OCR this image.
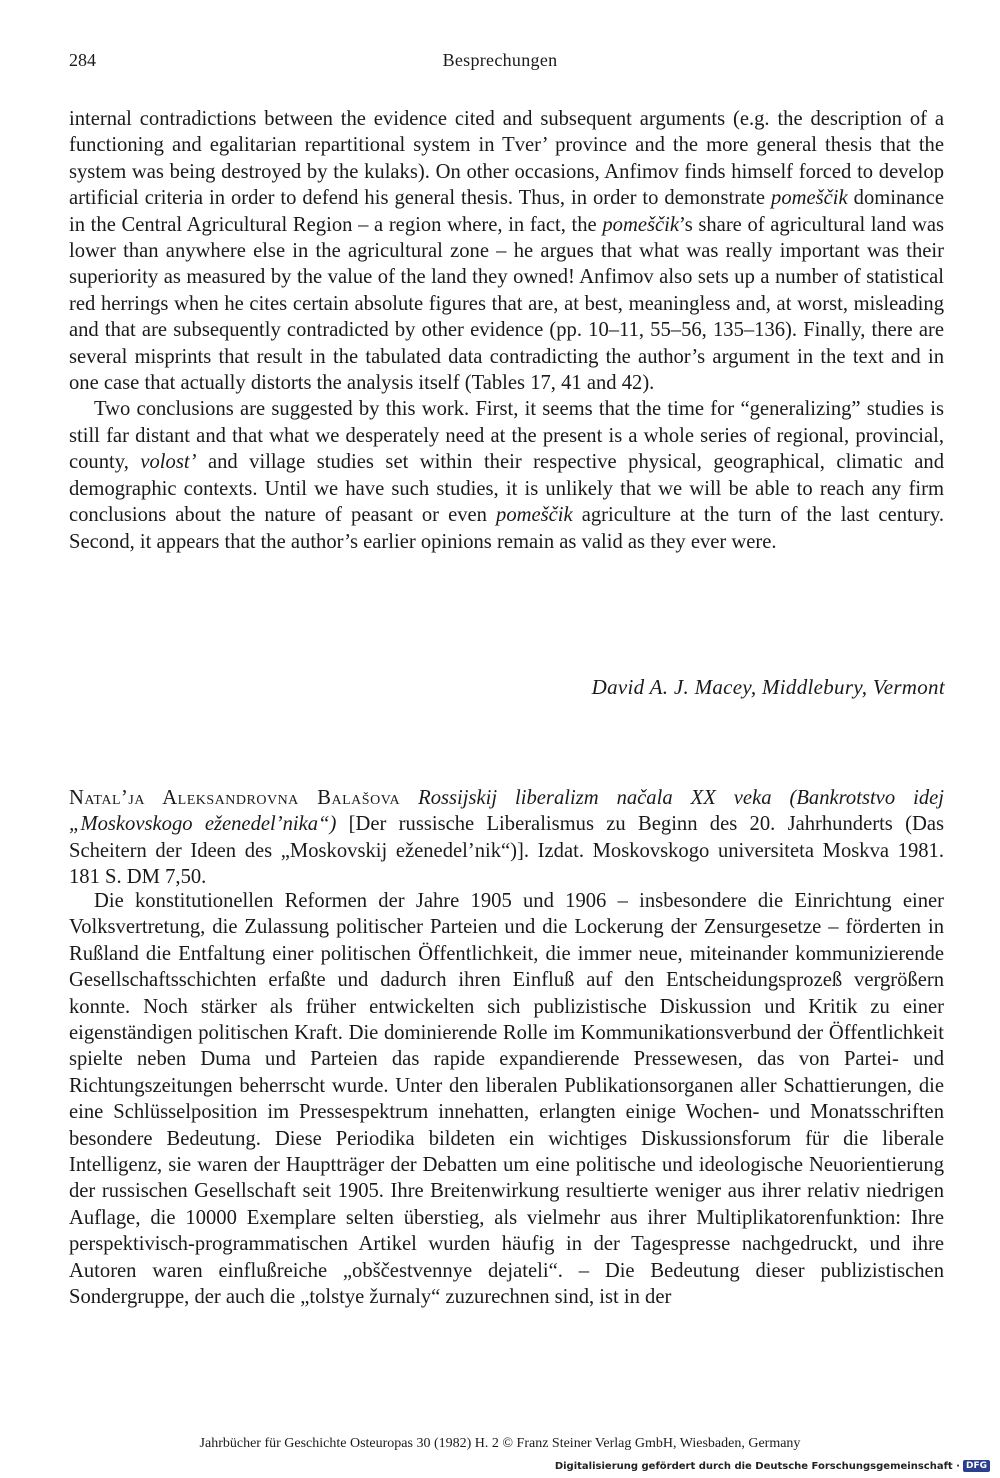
284	Besprechungen

internal contradictions between the evidence cited and subsequent arguments (e.g. the description of a functioning and egalitarian repartitional system in Tver’ province and the more general thesis that the system was being destroyed by the kulaks). On other occasions, Anfimov finds himself forced to develop artificial criteria in order to defend his general thesis. Thus, in order to demonstrate pomeščik dominance in the Central Agricultural Region – a region where, in fact, the pomeščik’s share of agricultural land was lower than anywhere else in the agricultural zone – he argues that what was really important was their superiority as measured by the value of the land they owned! Anfimov also sets up a number of statistical red herrings when he cites certain absolute figures that are, at best, meaningless and, at worst, misleading and that are subsequently contradicted by other evidence (pp. 10–11, 55–56, 135–136). Finally, there are several misprints that result in the tabulated data contradicting the author’s argument in the text and in one case that actually distorts the analysis itself (Tables 17, 41 and 42).

Two conclusions are suggested by this work. First, it seems that the time for “generalizing” studies is still far distant and that what we desperately need at the present is a whole series of regional, provincial, county, volost’ and village studies set within their respective physical, geographical, climatic and demographic contexts. Until we have such studies, it is unlikely that we will be able to reach any firm conclusions about the nature of peasant or even pomeščik agriculture at the turn of the last century. Second, it appears that the author’s earlier opinions remain as valid as they ever were.

David A. J. Macey, Middlebury, Vermont
Natal’ja Aleksandrovna Balašova Rossijskij liberalizm načala XX veka (Bankrotstvo idej „Moskovskogo eženedel’nika“) [Der russische Liberalismus zu Beginn des 20. Jahrhunderts (Das Scheitern der Ideen des „Moskovskij eženedel’nik“)]. Izdat. Moskovskogo universiteta Moskva 1981. 181 S. DM 7,50.

Die konstitutionellen Reformen der Jahre 1905 und 1906 – insbesondere die Einrichtung einer Volksvertretung, die Zulassung politischer Parteien und die Lockerung der Zensurgesetze – förderten in Rußland die Entfaltung einer politischen Öffentlichkeit, die immer neue, miteinander kommunizierende Gesellschaftsschichten erfaßte und dadurch ihren Einfluß auf den Entscheidungsprozeß vergrößern konnte. Noch stärker als früher entwickelten sich publizistische Diskussion und Kritik zu einer eigenständigen politischen Kraft. Die dominierende Rolle im Kommunikationsverbund der Öffentlichkeit spielte neben Duma und Parteien das rapide expandierende Pressewesen, das von Partei- und Richtungszeitungen beherrscht wurde. Unter den liberalen Publikationsorganen aller Schattierungen, die eine Schlüsselposition im Pressespektrum innehatten, erlangten einige Wochen- und Monatsschriften besondere Bedeutung. Diese Periodika bildeten ein wichtiges Diskussionsforum für die liberale Intelligenz, sie waren der Hauptträger der Debatten um eine politische und ideologische Neuorientierung der russischen Gesellschaft seit 1905. Ihre Breitenwirkung resultierte weniger aus ihrer relativ niedrigen Auflage, die 10000 Exemplare selten überstieg, als vielmehr aus ihrer Multiplikatorenfunktion: Ihre perspektivisch-programmatischen Artikel wurden häufig in der Tagespresse nachgedruckt, und ihre Autoren waren einflußreiche „obščestvennye dejateli“. – Die Bedeutung dieser publizistischen Sondergruppe, der auch die „tolstye žurnaly“ zuzurechnen sind, ist in der

Jahrbücher für Geschichte Osteuropas 30 (1982) H. 2 © Franz Steiner Verlag GmbH, Wiesbaden, Germany
Digitalisierung gefördert durch die Deutsche Forschungsgemeinschaft · DFG
